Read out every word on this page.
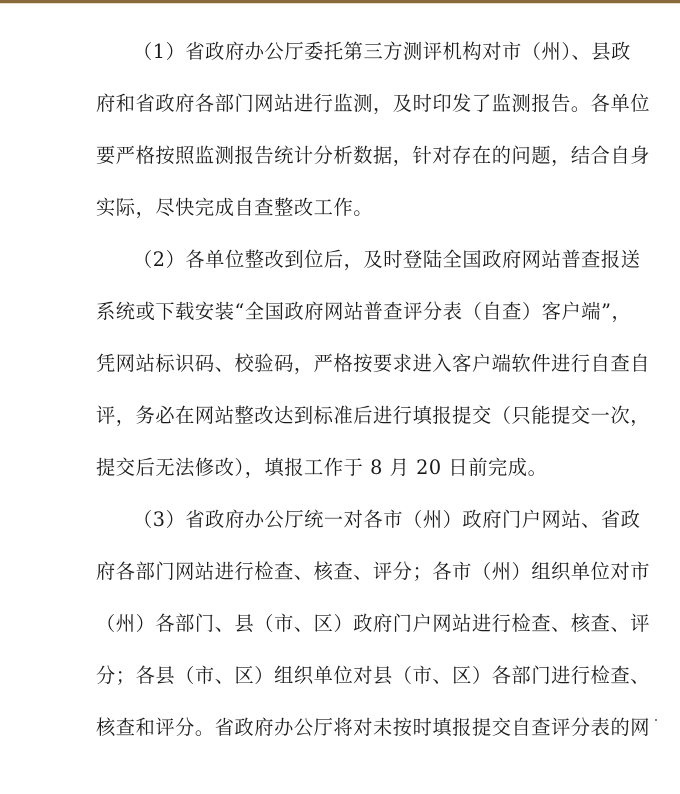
（1）省政府办公厅委托第三方测评机构对市（州）、县政
府和省政府各部门网站进行监测，及时印发了监测报告。各单位
要严格按照监测报告统计分析数据，针对存在的问题，结合自身
实际，尽快完成自查整改工作。
（2）各单位整改到位后，及时登陆全国政府网站普查报送
系统或下载安装“全国政府网站普查评分表（自查）客户端”，
凭网站标识码、校验码，严格按要求进入客户端软件进行自查自
评，务必在网站整改达到标准后进行填报提交（只能提交一次，
提交后无法修改），填报工作于 8 月 20 日前完成。
（3）省政府办公厅统一对各市（州）政府门户网站、省政
府各部门网站进行检查、核查、评分；各市（州）组织单位对市
（州）各部门、县（市、区）政府门户网站进行检查、核查、评
分；各县（市、区）组织单位对县（市、区）各部门进行检查、
核查和评分。省政府办公厅将对未按时填报提交自查评分表的网
